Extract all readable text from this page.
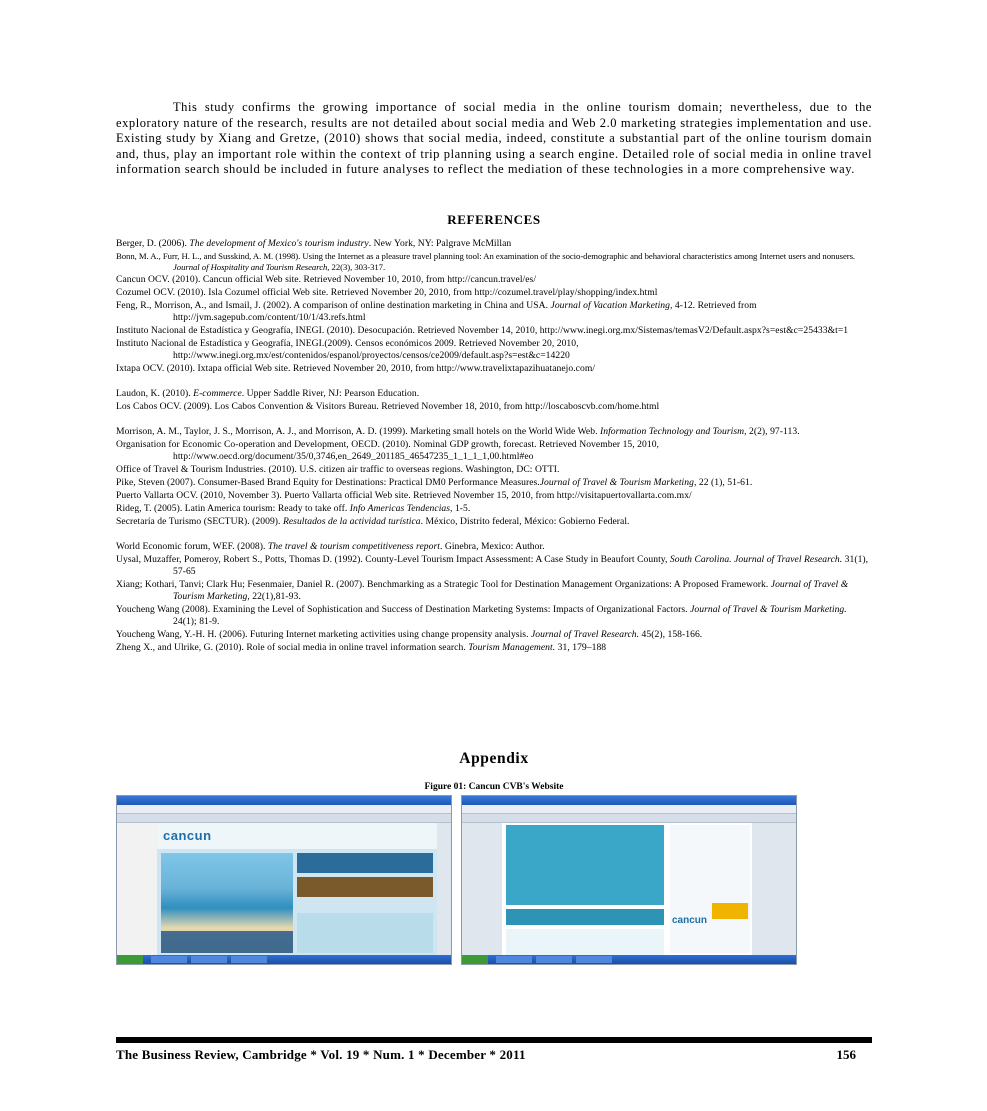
This study confirms the growing importance of social media in the online tourism domain; nevertheless, due to the exploratory nature of the research, results are not detailed about social media and Web 2.0 marketing strategies implementation and use. Existing study by Xiang and Gretze, (2010) shows that social media, indeed, constitute a substantial part of the online tourism domain and, thus, play an important role within the context of trip planning using a search engine. Detailed role of social media in online travel information search should be included in future analyses to reflect the mediation of these technologies in a more comprehensive way.

REFERENCES
Berger, D. (2006). The development of Mexico's tourism industry. New York, NY: Palgrave McMillan
Bonn, M. A., Furr, H. L., and Susskind, A. M. (1998). Using the Internet as a pleasure travel planning tool: An examination of the socio-demographic and behavioral characteristics among Internet users and nonusers. Journal of Hospitality and Tourism Research, 22(3), 303-317.
Cancun OCV. (2010). Cancun official Web site. Retrieved November 10, 2010, from http://cancun.travel/es/
Cozumel OCV. (2010). Isla Cozumel official Web site. Retrieved November 20, 2010, from http://cozumel.travel/play/shopping/index.html
Feng, R., Morrison, A., and Ismail, J. (2002). A comparison of online destination marketing in China and USA. Journal of Vacation Marketing, 4-12. Retrieved from http://jvm.sagepub.com/content/10/1/43.refs.html
Instituto Nacional de Estadística y Geografía, INEGI. (2010). Desocupación. Retrieved November 14, 2010, http://www.inegi.org.mx/Sistemas/temasV2/Default.aspx?s=est&c=25433&t=1
Instituto Nacional de Estadística y Geografía, INEGI.(2009). Censos económicos 2009. Retrieved November 20, 2010, http://www.inegi.org.mx/est/contenidos/espanol/proyectos/censos/ce2009/default.asp?s=est&c=14220
Ixtapa OCV. (2010). Ixtapa official Web site. Retrieved November 20, 2010, from http://www.travelixtapazihuatanejo.com/
Laudon, K. (2010). E-commerce. Upper Saddle River, NJ: Pearson Education.
Los Cabos OCV. (2009). Los Cabos Convention & Visitors Bureau. Retrieved November 18, 2010, from http://loscaboscvb.com/home.html
Morrison, A. M., Taylor, J. S., Morrison, A. J., and Morrison, A. D. (1999). Marketing small hotels on the World Wide Web. Information Technology and Tourism, 2(2), 97-113.
Organisation for Economic Co-operation and Development, OECD. (2010). Nominal GDP growth, forecast. Retrieved November 15, 2010, http://www.oecd.org/document/35/0,3746,en_2649_201185_46547235_1_1_1_1,00.html#eo
Office of Travel & Tourism Industries. (2010). U.S. citizen air traffic to overseas regions. Washington, DC: OTTI.
Pike, Steven (2007). Consumer-Based Brand Equity for Destinations: Practical DM0 Performance Measures.Journal of Travel & Tourism Marketing, 22 (1), 51-61.
Puerto Vallarta OCV. (2010, November 3). Puerto Vallarta official Web site. Retrieved November 15, 2010, from http://visitapuertovallarta.com.mx/
Rideg, T. (2005). Latin America tourism: Ready to take off. Info Americas Tendencias, 1-5.
Secretaría de Turismo (SECTUR). (2009). Resultados de la actividad turística. México, Distrito federal, México: Gobierno Federal.
World Economic forum, WEF. (2008). The travel & tourism competitiveness report. Ginebra, Mexico: Author.
Uysal, Muzaffer, Pomeroy, Robert S., Potts, Thomas D. (1992). County-Level Tourism Impact Assessment: A Case Study in Beaufort County, South Carolina. Journal of Travel Research. 31(1), 57-65
Xiang; Kothari, Tanvi; Clark Hu; Fesenmaier, Daniel R. (2007). Benchmarking as a Strategic Tool for Destination Management Organizations: A Proposed Framework. Journal of Travel & Tourism Marketing, 22(1),81-93.
Youcheng Wang (2008). Examining the Level of Sophistication and Success of Destination Marketing Systems: Impacts of Organizational Factors. Journal of Travel & Tourism Marketing. 24(1); 81-9.
Youcheng Wang, Y.-H. H. (2006). Futuring Internet marketing activities using change propensity analysis. Journal of Travel Research. 45(2), 158-166.
Zheng X., and Ulrike, G. (2010). Role of social media in online travel information search. Tourism Management. 31, 179–188
Appendix
Figure 01: Cancun CVB's Website
cancun
cancun
The Business Review, Cambridge * Vol. 19 * Num. 1 * December * 2011	156
